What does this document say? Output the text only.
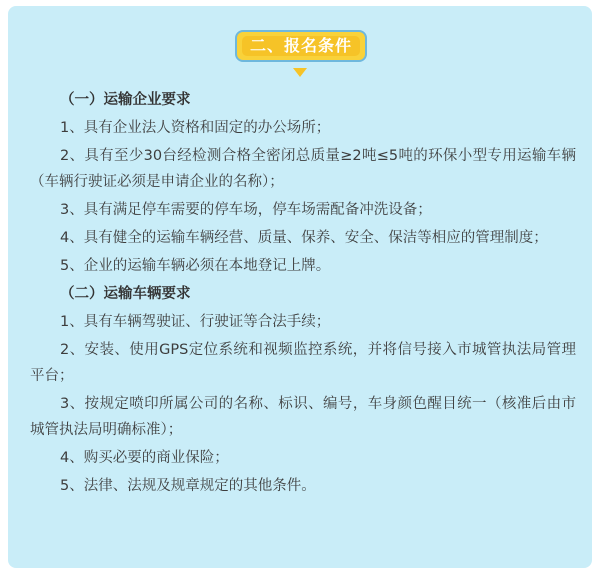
二、报名条件
（一）运输企业要求
1、具有企业法人资格和固定的办公场所；
2、具有至少30台经检测合格全密闭总质量≥2吨≤5吨的环保小型专用运输车辆（车辆行驶证必须是申请企业的名称）；
3、具有满足停车需要的停车场，停车场需配备冲洗设备；
4、具有健全的运输车辆经营、质量、保养、安全、保洁等相应的管理制度；
5、企业的运输车辆必须在本地登记上牌。
（二）运输车辆要求
1、具有车辆驾驶证、行驶证等合法手续；
2、安装、使用GPS定位系统和视频监控系统，并将信号接入市城管执法局管理平台；
3、按规定喷印所属公司的名称、标识、编号，车身颜色醒目统一（核准后由市城管执法局明确标准）；
4、购买必要的商业保险；
5、法律、法规及规章规定的其他条件。
